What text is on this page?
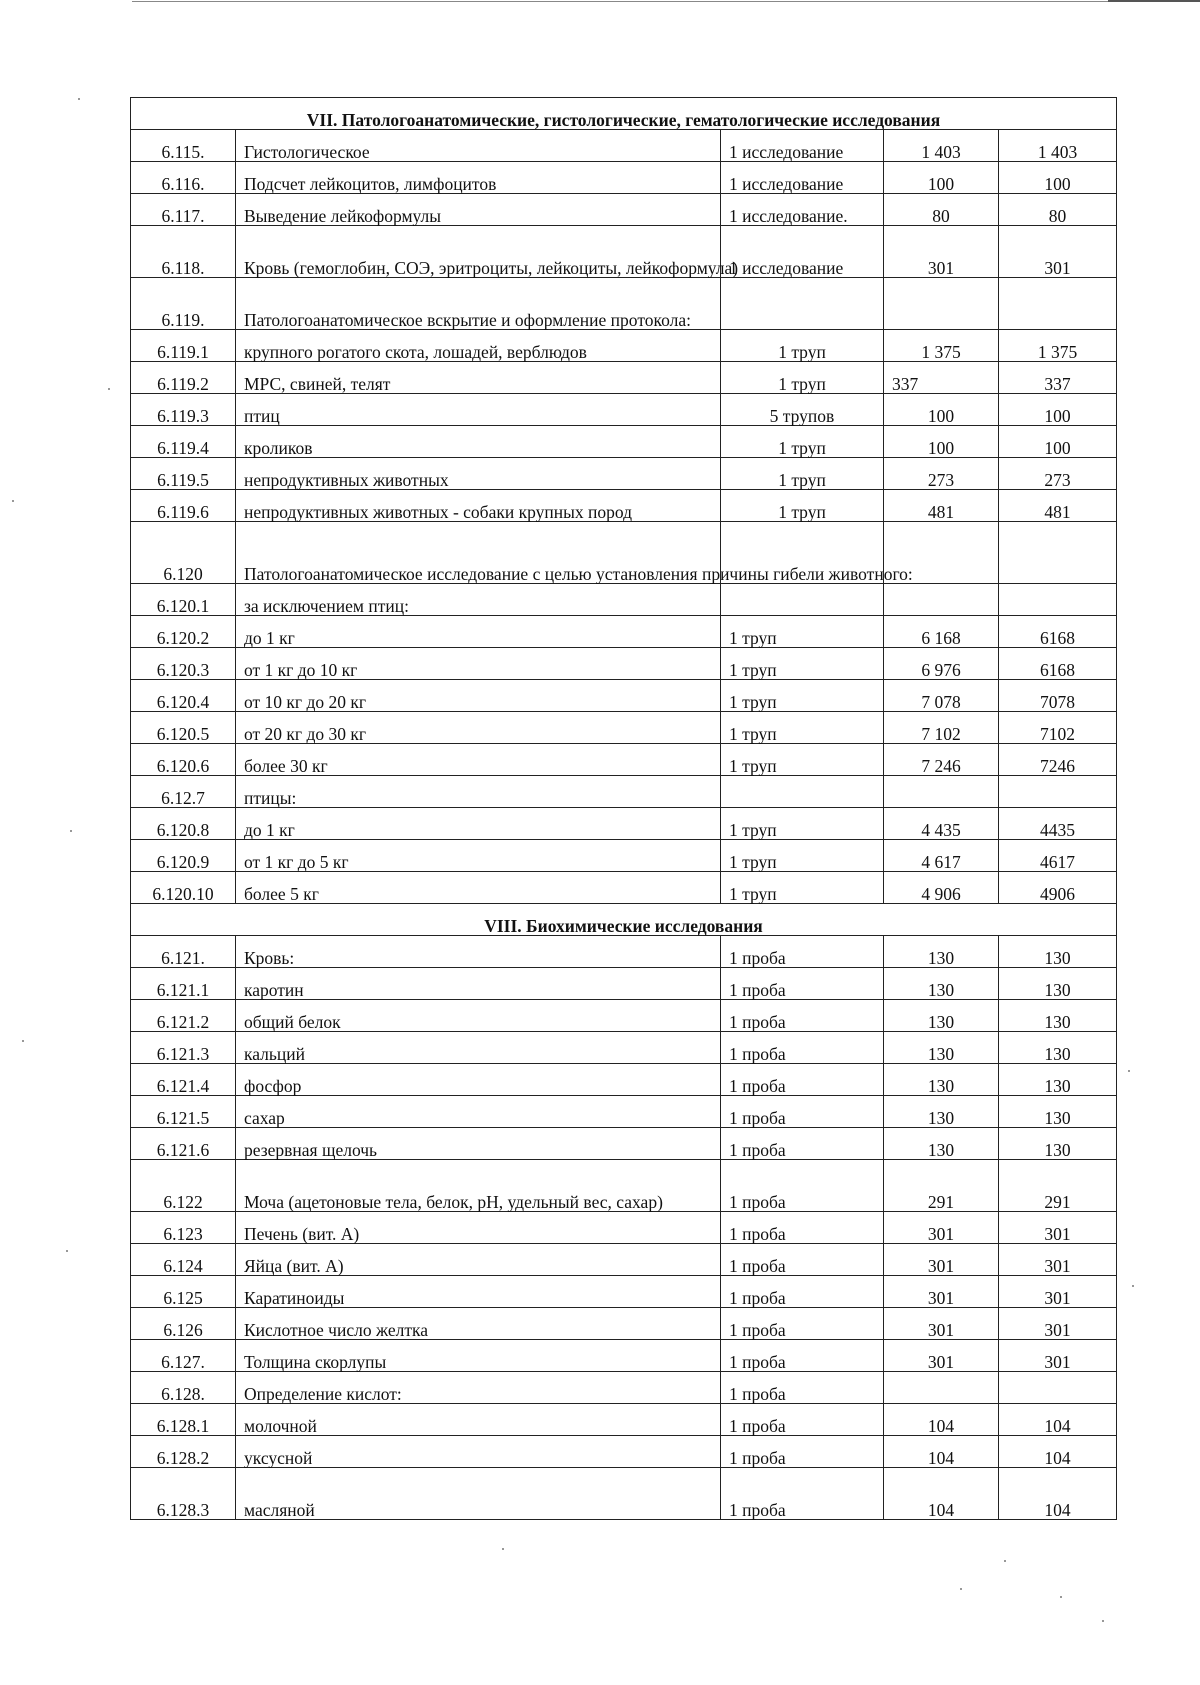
VII. Патологоанатомические, гистологические, гематологические исследования				
6.115.	Гистологическое	1 исследование	1 403	1 403
6.116.	Подсчет лейкоцитов, лимфоцитов	1 исследование	100	100
6.117.	Выведение лейкоформулы	1 исследование.	80	80
6.118.	Кровь (гемоглобин, СОЭ, эритроциты, лейкоциты, лейкоформула)	1 исследование	301	301
6.119.	Патологоанатомическое вскрытие и оформление протокола:			
6.119.1	крупного рогатого скота, лошадей, верблюдов	1 труп	1 375	1 375
6.119.2	МРС, свиней, телят	1 труп	337	337
6.119.3	птиц	5 трупов	100	100
6.119.4	кроликов	1 труп	100	100
6.119.5	непродуктивных животных	1 труп	273	273
6.119.6	непродуктивных животных - собаки крупных пород	1 труп	481	481
6.120	Патологоанатомическое исследование с целью установления причины гибели животного:			
6.120.1	за исключением птиц:			
6.120.2	до 1 кг	1 труп	6 168	6168
6.120.3	от 1 кг до 10 кг	1 труп	6 976	6168
6.120.4	от 10 кг до 20 кг	1 труп	7 078	7078
6.120.5	от 20 кг до 30 кг	1 труп	7 102	7102
6.120.6	более 30 кг	1 труп	7 246	7246
6.12.7	птицы:			
6.120.8	до 1 кг	1 труп	4 435	4435
6.120.9	от 1 кг до 5 кг	1 труп	4 617	4617
6.120.10	более 5 кг	1 труп	4 906	4906
VIII. Биохимические исследования				
6.121.	Кровь:	1 проба	130	130
6.121.1	каротин	1 проба	130	130
6.121.2	общий белок	1 проба	130	130
6.121.3	кальций	1 проба	130	130
6.121.4	фосфор	1 проба	130	130
6.121.5	сахар	1 проба	130	130
6.121.6	резервная щелочь	1 проба	130	130
6.122	Моча (ацетоновые тела, белок, pH, удельный вес, сахар)	1 проба	291	291
6.123	Печень (вит. А)	1 проба	301	301
6.124	Яйца (вит. А)	1 проба	301	301
6.125	Каратиноиды	1 проба	301	301
6.126	Кислотное число желтка	1 проба	301	301
6.127.	Толщина скорлупы	1 проба	301	301
6.128.	Определение кислот:	1 проба		
6.128.1	молочной	1 проба	104	104
6.128.2	уксусной	1 проба	104	104
6.128.3	масляной	1 проба	104	104
